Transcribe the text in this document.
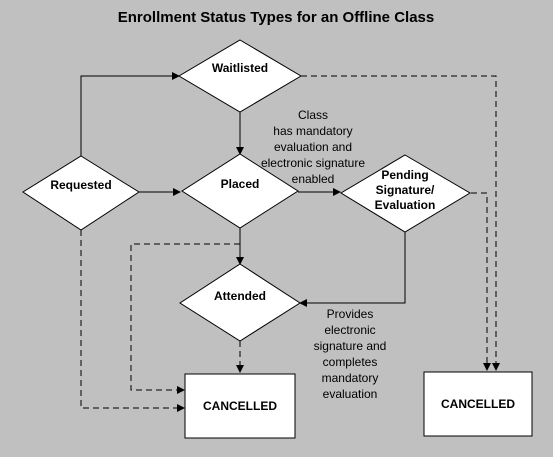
Enrollment Status Types for an Offline Class
Waitlisted
Requested	Placed
Pending
Signature/
Evaluation
Attended
CANCELLED	CANCELLED
Class
has mandatory
evaluation and
electronic signature
enabled
Provides
electronic
signature and
completes
mandatory
evaluation
